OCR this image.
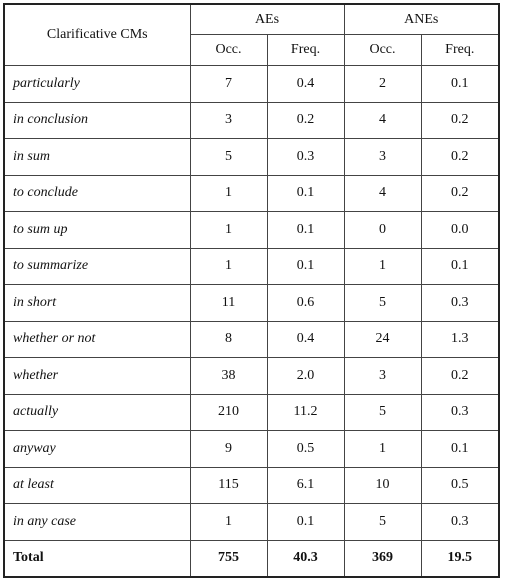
Clarificative CMs	AEs		ANEs	
	Occ.	Freq.	Occ.	Freq.
particularly	7	0.4	2	0.1
in conclusion	3	0.2	4	0.2
in sum	5	0.3	3	0.2
to conclude	1	0.1	4	0.2
to sum up	1	0.1	0	0.0
to summarize	1	0.1	1	0.1
in short	11	0.6	5	0.3
whether or not	8	0.4	24	1.3
whether	38	2.0	3	0.2
actually	210	11.2	5	0.3
anyway	9	0.5	1	0.1
at least	115	6.1	10	0.5
in any case	1	0.1	5	0.3
Total	755	40.3	369	19.5
